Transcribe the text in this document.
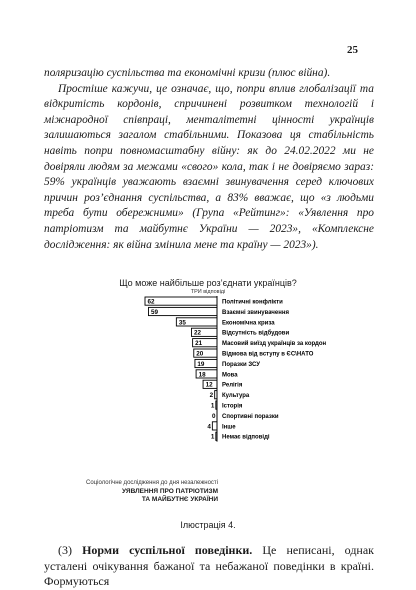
25

поляризацію суспільства та економічні кризи (плюс війна).

Простіше кажучи, це означає, що, попри вплив глобалізації та відкритість кордонів, спричинені розвитком технологій і міжнародної співпраці, менталітетні цінності українців залишаються загалом стабільними. Показова ця стабільність навіть попри повномасштабну війну: як до 24.02.2022 ми не довіряли людям за межами «свого» кола, так і не довіряємо зараз: 59% українців уважають взаємні звинувачення серед ключових причин роз’єднання суспільства, а 83% вважає, що «з людьми треба бути обережними» (Група «Рейтинг»: «Уявлення про патріотизм та майбутнє України — 2023», «Комплексне дослідження: як війна змінила мене та країну — 2023»).

Що може найбільше роз’єднати українців?
ТРИ відповіді
62	Політичні конфлікти
59	Взаємні звинувачення
35	Економічна криза
22	Відсутність відбудови
21	Масовий виїзд українців за кордон
20	Відмова від вступу в ЄС\НАТО
19	Поразки ЗСУ
18	Мова
12 Релігія
2 Культура
1 Історія
0 Спортивні поразки
4 Інше
1 Немає відповіді
Соціологічне дослідження до дня незалежності
УЯВЛЕННЯ ПРО ПАТРІОТИЗМ
ТА МАЙБУТНЄ УКРАЇНИ
Ілюстрація 4.
(3) Норми суспільної поведінки. Це неписані, однак усталені очікування бажаної та небажаної поведінки в країні. Формуються
